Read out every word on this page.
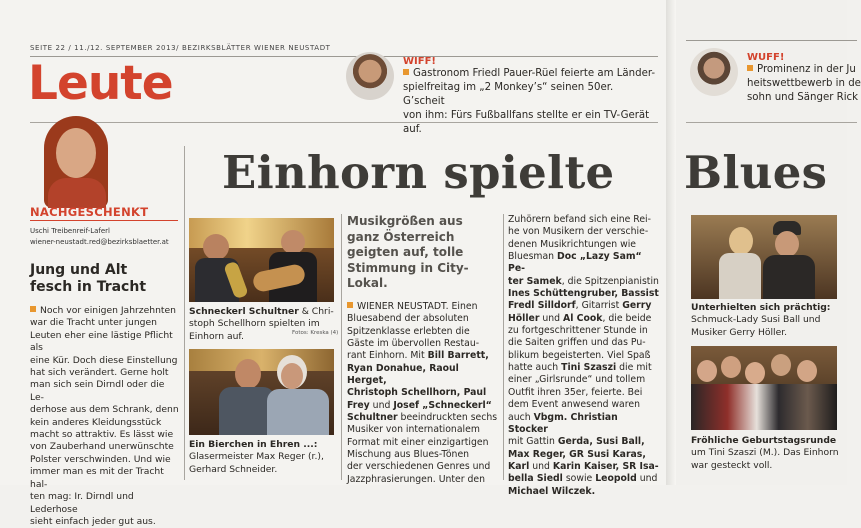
SEITE 22 / 11./12. SEPTEMBER 2013/ BEZIRKSBLÄTTER WIENER NEUSTADT
Leute	WIFF!
Gastronom Friedl Pauer-Rüel feierte am Länder-
spielfreitag im „2 Monkey’s“ seinen 50er. G’scheit
von ihm: Fürs Fußballfans stellte er ein TV-Gerät auf.
NACHGESCHENKT
Uschi Treibenreif-Laferl
wiener-neustadt.red@bezirksblaetter.at
Jung und Alt
fesch in Tracht
Noch vor einigen Jahrzehnten
war die Tracht unter jungen
Leuten eher eine lästige Pflicht als
eine Kür. Doch diese Einstellung
hat sich verändert. Gerne holt
man sich sein Dirndl oder die Le-
derhose aus dem Schrank, denn
kein anderes Kleidungsstück
macht so attraktiv. Es lässt wie
von Zauberhand unerwünschte
Polster verschwinden. Und wie
immer man es mit der Tracht hal-
ten mag: Ir. Dirndl und Lederhose
sieht einfach jeder gut aus.
Einhorn spielte
Schneckerl Schultner & Chri-
stoph Schellhorn spielten im
Einhorn auf.	Fotos: Kreska (4)
Ein Bierchen in Ehren ...:
Glasermeister Max Reger (r.),
Gerhard Schneider.
Musikgrößen aus
ganz Österreich
geigten auf, tolle
Stimmung in City-
Lokal.
WIENER NEUSTADT. Einen
Bluesabend der absoluten
Spitzenklasse erlebten die
Gäste im übervollen Restau-
rant Einhorn. Mit Bill Barrett,
Ryan Donahue, Raoul Herget,
Christoph Schellhorn, Paul
Frey und Josef „Schneckerl“
Schultner beeindruckten sechs
Musiker von internationalem
Format mit einer einzigartigen
Mischung aus Blues-Tönen
der verschiedenen Genres und
Jazzphrasierungen. Unter den
Zuhörern befand sich eine Rei-
he von Musikern der verschie-
denen Musikrichtungen wie
Bluesman Doc „Lazy Sam“ Pe-
ter Samek, die Spitzenpianistin
Ines Schüttengruber, Bassist
Fredl Silldorf, Gitarrist Gerry
Höller und Al Cook, die beide
zu fortgeschrittener Stunde in
die Saiten griffen und das Pu-
blikum begeisterten. Viel Spaß
hatte auch Tini Szaszi die mit
einer „Girlsrunde“ und tollem
Outfit ihren 35er, feierte. Bei
dem Event anwesend waren
auch Vbgm. Christian Stocker
mit Gattin Gerda, Susi Ball,
Max Reger, GR Susi Karas,
Karl und Karin Kaiser, SR Isa-
bella Siedl sowie Leopold und
Michael Wilczek.
WUFF!
Prominenz in der Ju
heitswettbewerb in de
sohn und Sänger Rick
Blues
Unterhielten sich prächtig:
Schmuck-Lady Susi Ball und
Musiker Gerry Höller.
Fröhliche Geburtstagsrunde
um Tini Szaszi (M.). Das Einhorn
war gesteckt voll.
